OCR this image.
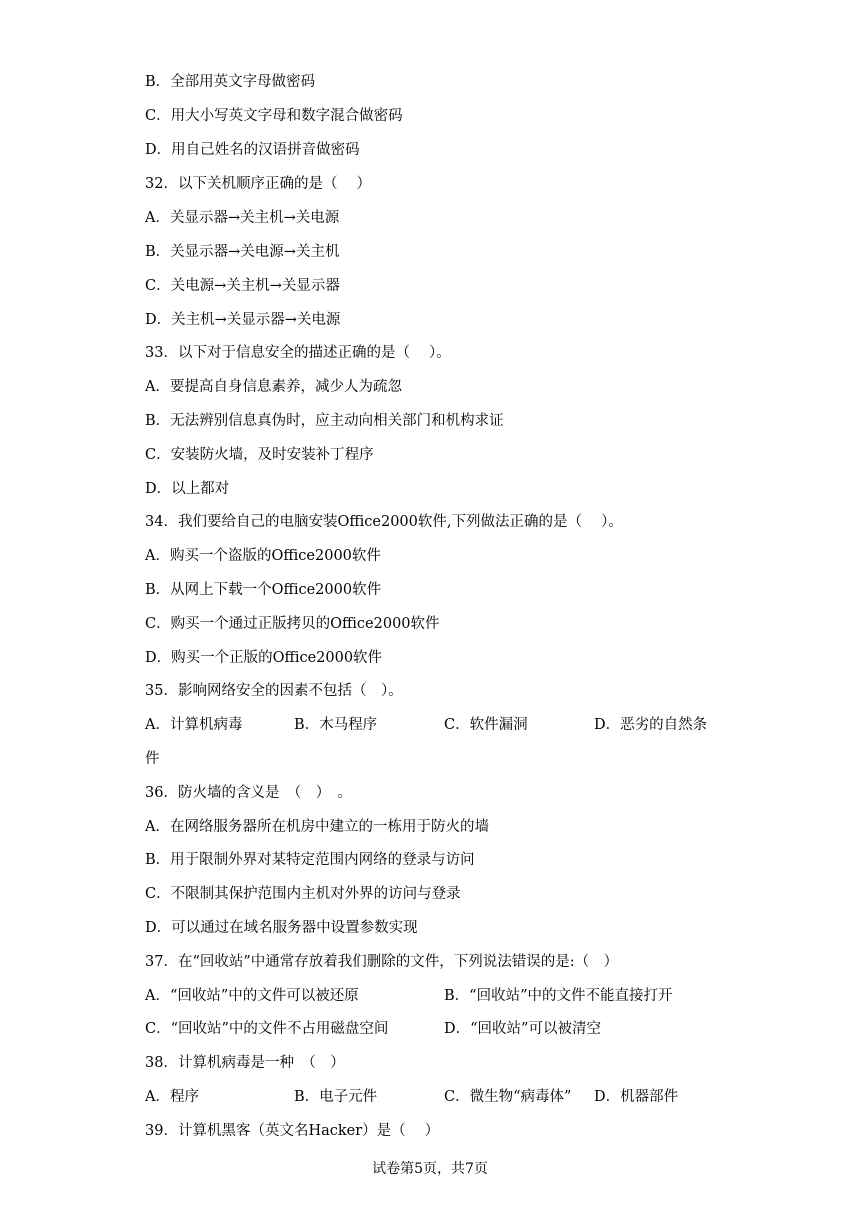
B．全部用英文字母做密码
C．用大小写英文字母和数字混合做密码
D．用自己姓名的汉语拼音做密码
32．以下关机顺序正确的是（　 ）
A．关显示器→关主机→关电源
B．关显示器→关电源→关主机
C．关电源→关主机→关显示器
D．关主机→关显示器→关电源
33．以下对于信息安全的描述正确的是（　 ）。
A．要提高自身信息素养，减少人为疏忽
B．无法辨别信息真伪时，应主动向相关部门和机构求证
C．安装防火墙，及时安装补丁程序
D．以上都对
34．我们要给自己的电脑安装Office2000软件,下列做法正确的是（　 ）。
A．购买一个盗版的Office2000软件
B．从网上下载一个Office2000软件
C．购买一个通过正版拷贝的Office2000软件
D．购买一个正版的Office2000软件
35．影响网络安全的因素不包括（　）。
A．计算机病毒	B．木马程序	C．软件漏洞	D．恶劣的自然条
件
36．防火墙的含义是　（　）　。
A．在网络服务器所在机房中建立的一栋用于防火的墙
B．用于限制外界对某特定范围内网络的登录与访问
C．不限制其保护范围内主机对外界的访问与登录
D．可以通过在域名服务器中设置参数实现
37．在“回收站”中通常存放着我们删除的文件，下列说法错误的是:（　）
A．“回收站”中的文件可以被还原	B．“回收站”中的文件不能直接打开
C．“回收站”中的文件不占用磁盘空间	D．“回收站”可以被清空
38．计算机病毒是一种　（　）
A．程序	B．电子元件	C．微生物“病毒体” D．机器部件
39．计算机黑客（英文名Hacker）是（　 ）
试卷第5页，共7页
